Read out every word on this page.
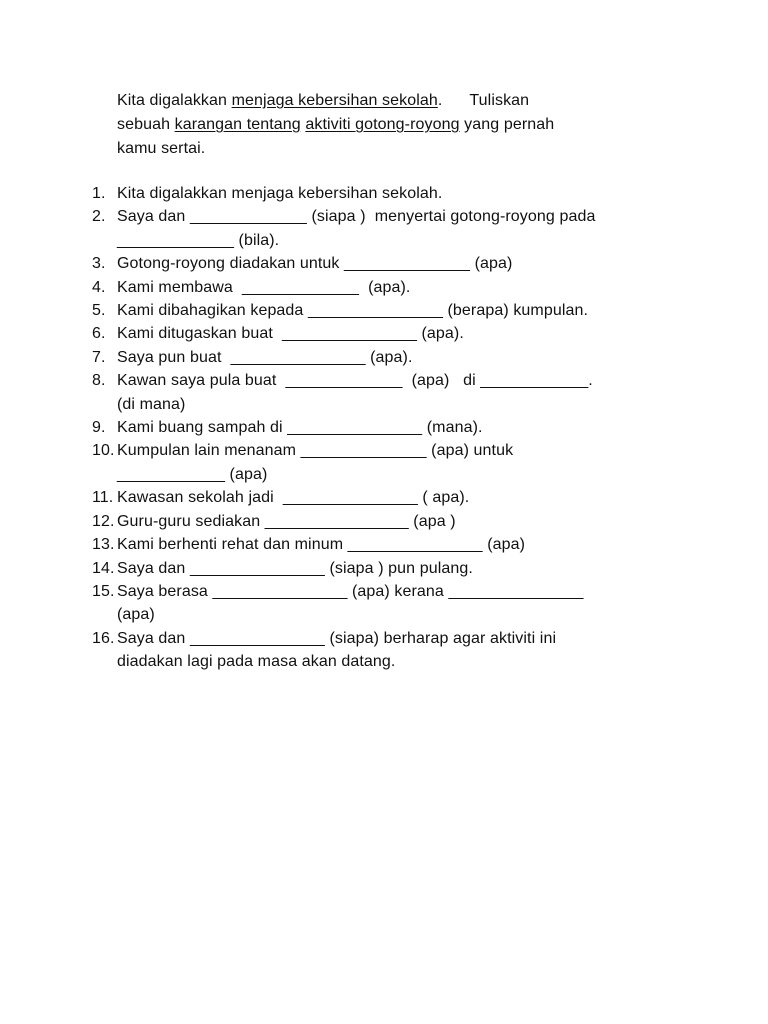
Kita digalakkan menjaga kebersihan sekolah.      Tuliskan
sebuah karangan tentang aktiviti gotong-royong yang pernah
kamu sertai.
1. Kita digalakkan menjaga kebersihan sekolah.
2. Saya dan _____________ (siapa )  menyertai gotong-royong pada
_____________ (bila).
3. Gotong-royong diadakan untuk ______________ (apa)
4. Kami membawa  _____________  (apa).
5. Kami dibahagikan kepada _______________ (berapa) kumpulan.
6. Kami ditugaskan buat  _______________ (apa).
7. Saya pun buat  _______________ (apa).
8. Kawan saya pula buat  _____________  (apa)   di ____________.
(di mana)
9. Kami buang sampah di _______________ (mana).
10. Kumpulan lain menanam ______________ (apa) untuk
____________ (apa)
11. Kawasan sekolah jadi  _______________ ( apa).
12. Guru-guru sediakan ________________ (apa )
13. Kami berhenti rehat dan minum _______________ (apa)
14. Saya dan _______________ (siapa ) pun pulang.
15. Saya berasa _______________ (apa) kerana _______________
(apa)
16. Saya dan _______________ (siapa) berharap agar aktiviti ini
diadakan lagi pada masa akan datang.
